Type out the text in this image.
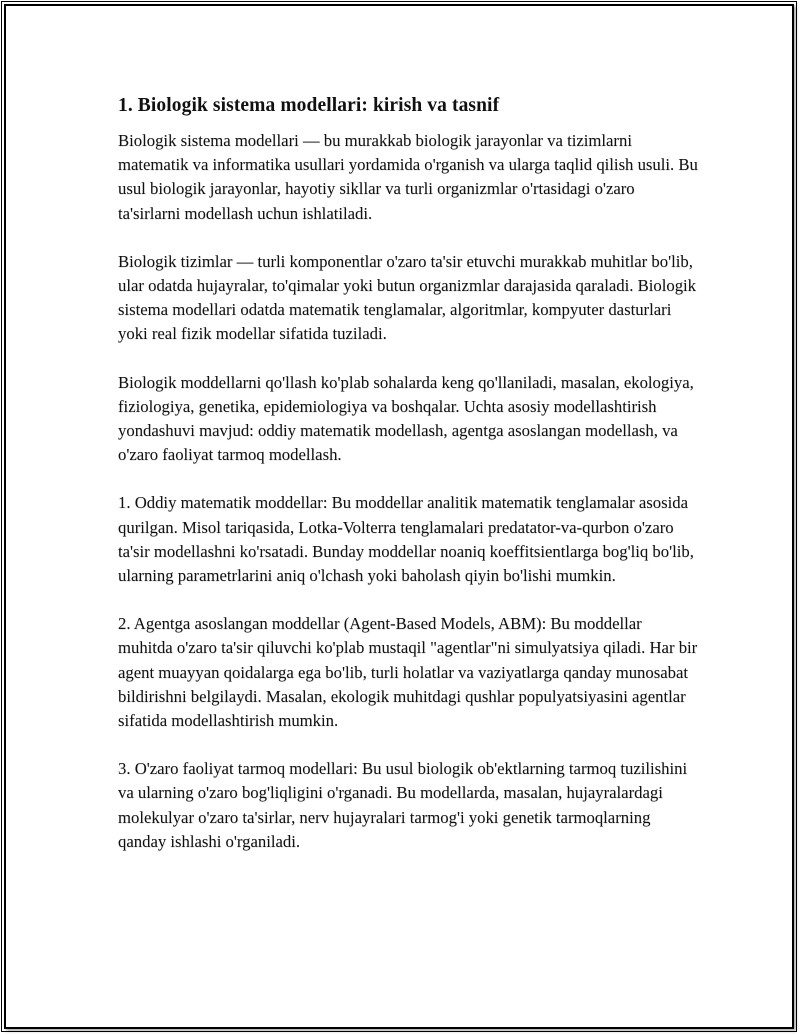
1. Biologik sistema modellari: kirish va tasnif

Biologik sistema modellari — bu murakkab biologik jarayonlar va tizimlarni matematik va informatika usullari yordamida o'rganish va ularga taqlid qilish usuli. Bu usul biologik jarayonlar, hayotiy sikllar va turli organizmlar o'rtasidagi o'zaro ta'sirlarni modellash uchun ishlatiladi.

Biologik tizimlar — turli komponentlar o'zaro ta'sir etuvchi murakkab muhitlar bo'lib, ular odatda hujayralar, to'qimalar yoki butun organizmlar darajasida qaraladi. Biologik sistema modellari odatda matematik tenglamalar, algoritmlar, kompyuter dasturlari yoki real fizik modellar sifatida tuziladi.

Biologik moddellarni qo'llash ko'plab sohalarda keng qo'llaniladi, masalan, ekologiya, fiziologiya, genetika, epidemiologiya va boshqalar. Uchta asosiy modellashtirish yondashuvi mavjud: oddiy matematik modellash, agentga asoslangan modellash, va o'zaro faoliyat tarmoq modellash.

1. Oddiy matematik moddellar: Bu moddellar analitik matematik tenglamalar asosida qurilgan. Misol tariqasida, Lotka-Volterra tenglamalari predatator-va-qurbon o'zaro ta'sir modellashni ko'rsatadi. Bunday moddellar noaniq koeffitsientlarga bog'liq bo'lib, ularning parametrlarini aniq o'lchash yoki baholash qiyin bo'lishi mumkin.

2. Agentga asoslangan moddellar (Agent-Based Models, ABM): Bu moddellar muhitda o'zaro ta'sir qiluvchi ko'plab mustaqil "agentlar"ni simulyatsiya qiladi. Har bir agent muayyan qoidalarga ega bo'lib, turli holatlar va vaziyatlarga qanday munosabat bildirishni belgilaydi. Masalan, ekologik muhitdagi qushlar populyatsiyasini agentlar sifatida modellashtirish mumkin.

3. O'zaro faoliyat tarmoq modellari: Bu usul biologik ob'ektlarning tarmoq tuzilishini va ularning o'zaro bog'liqligini o'rganadi. Bu modellarda, masalan, hujayralardagi molekulyar o'zaro ta'sirlar, nerv hujayralari tarmog'i yoki genetik tarmoqlarning qanday ishlashi o'rganiladi.
